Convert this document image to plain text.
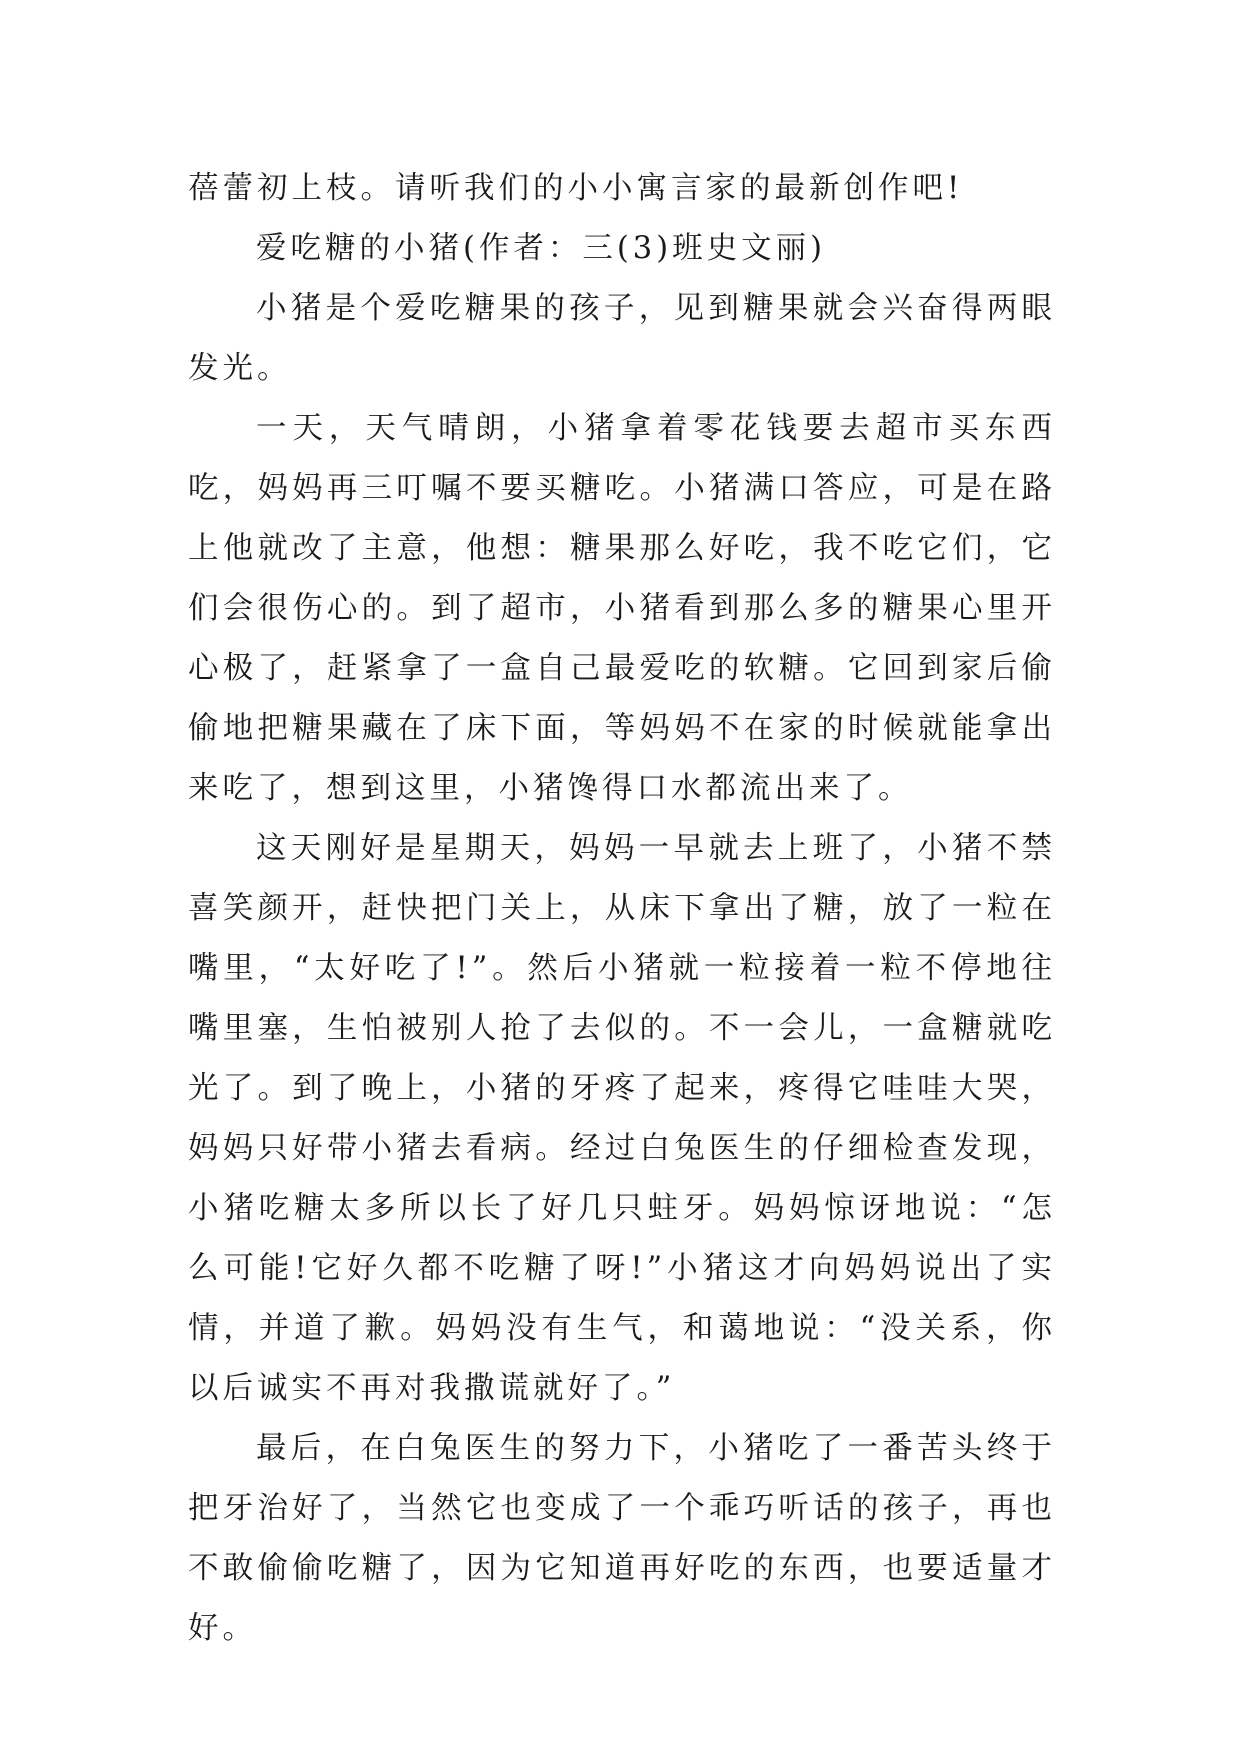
蓓蕾初上枝。请听我们的小小寓言家的最新创作吧!

爱吃糖的小猪(作者：三(3)班史文丽)

小猪是个爱吃糖果的孩子，见到糖果就会兴奋得两眼发光。

一天，天气晴朗，小猪拿着零花钱要去超市买东西吃，妈妈再三叮嘱不要买糖吃。小猪满口答应，可是在路上他就改了主意，他想：糖果那么好吃，我不吃它们，它们会很伤心的。到了超市，小猪看到那么多的糖果心里开心极了，赶紧拿了一盒自己最爱吃的软糖。它回到家后偷偷地把糖果藏在了床下面，等妈妈不在家的时候就能拿出来吃了，想到这里，小猪馋得口水都流出来了。

这天刚好是星期天，妈妈一早就去上班了，小猪不禁喜笑颜开，赶快把门关上，从床下拿出了糖，放了一粒在嘴里，“太好吃了!”。然后小猪就一粒接着一粒不停地往嘴里塞，生怕被别人抢了去似的。不一会儿，一盒糖就吃光了。到了晚上，小猪的牙疼了起来，疼得它哇哇大哭，妈妈只好带小猪去看病。经过白兔医生的仔细检查发现，小猪吃糖太多所以长了好几只蛀牙。妈妈惊讶地说：“怎么可能!它好久都不吃糖了呀!”小猪这才向妈妈说出了实情，并道了歉。妈妈没有生气，和蔼地说：“没关系，你以后诚实不再对我撒谎就好了。”

最后，在白兔医生的努力下，小猪吃了一番苦头终于把牙治好了，当然它也变成了一个乖巧听话的孩子，再也不敢偷偷吃糖了，因为它知道再好吃的东西，也要适量才好。
